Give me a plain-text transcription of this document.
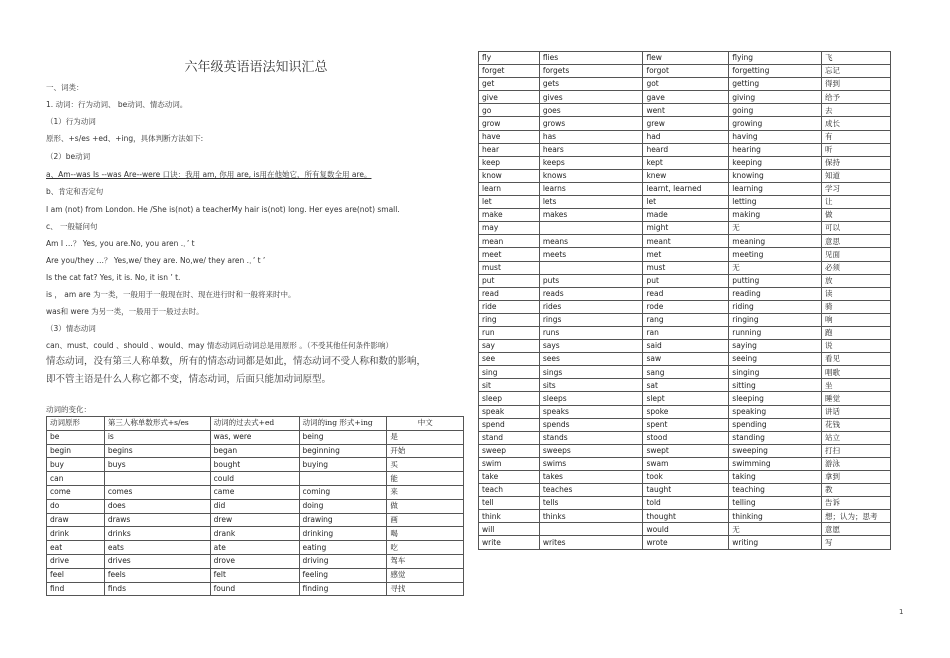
六年级英语语法知识汇总
一、词类：
1. 动词：行为动词、 be动词、情态动词。
（1）行为动词
原形、+s/es +ed、+ing，具体判断方法如下:
（2）be动词
a、Am--was Is --was Are--were 口诀：我用 am, 你用 are, is用在他她它，所有复数全用 are。
b、肯定和否定句
I am (not) from London. He /She is(not) a teacherMy hair is(not) long. Her eyes are(not) small.
c、 一般疑问句
Am I …？ Yes, you are.No, you aren .．’ t
Are you/they …？ Yes,we/ they are. No,we/ they aren .．’ t ’
Is the cat fat? Yes, it is. No, it isn ’ t.
is ， am are 为一类，一般用于一般现在时、现在进行时和一般将来时中。
was和 were 为另一类，一般用于一般过去时。
（3）情态动词
can、must、could 、should 、would、may 情态动词后动词总是用原形 。（不受其他任何条件影响）
情态动词，没有第三人称单数，所有的情态动词都是如此，情态动词不受人称和数的影响，
即不管主语是什么人称它都不变，情态动词，后面只能加动词原型。
动词的变化：
动词原形	第三人称单数形式+s/es	动词的过去式+ed	动词的ing 形式+ing	中文
be	is	was, were	being	是
begin	begins	began	beginning	开始
buy	buys	bought	buying	买
can		could		能
come	comes	came	coming	来
do	does	did	doing	做
draw	draws	drew	drawing	画
drink	drinks	drank	drinking	喝
eat	eats	ate	eating	吃
drive	drives	drove	driving	驾车
feel	feels	felt	feeling	感觉
find	finds	found	finding	寻找
fly	flies	flew	flying	飞
forget	forgets	forgot	forgetting	忘记
get	gets	got	getting	得到
give	gives	gave	giving	给予
go	goes	went	going	去
grow	grows	grew	growing	成长
have	has	had	having	有
hear	hears	heard	hearing	听
keep	keeps	kept	keeping	保持
know	knows	knew	knowing	知道
learn	learns	learnt, learned	learning	学习
let	lets	let	letting	让
make	makes	made	making	做
may		might	无	可以
mean	means	meant	meaning	意思
meet	meets	met	meeting	见面
must		must	无	必须
put	puts	put	putting	放
read	reads	read	reading	读
ride	rides	rode	riding	骑
ring	rings	rang	ringing	响
run	runs	ran	running	跑
say	says	said	saying	说
see	sees	saw	seeing	看见
sing	sings	sang	singing	唱歌
sit	sits	sat	sitting	坐
sleep	sleeps	slept	sleeping	睡觉
speak	speaks	spoke	speaking	讲话
spend	spends	spent	spending	花钱
stand	stands	stood	standing	站立
sweep	sweeps	swept	sweeping	打扫
swim	swims	swam	swimming	游泳
take	takes	took	taking	拿到
teach	teaches	taught	teaching	教
tell	tells	told	telling	告诉
think	thinks	thought	thinking	想；认为；思考
will		would	无	意愿
write	writes	wrote	writing	写
1
